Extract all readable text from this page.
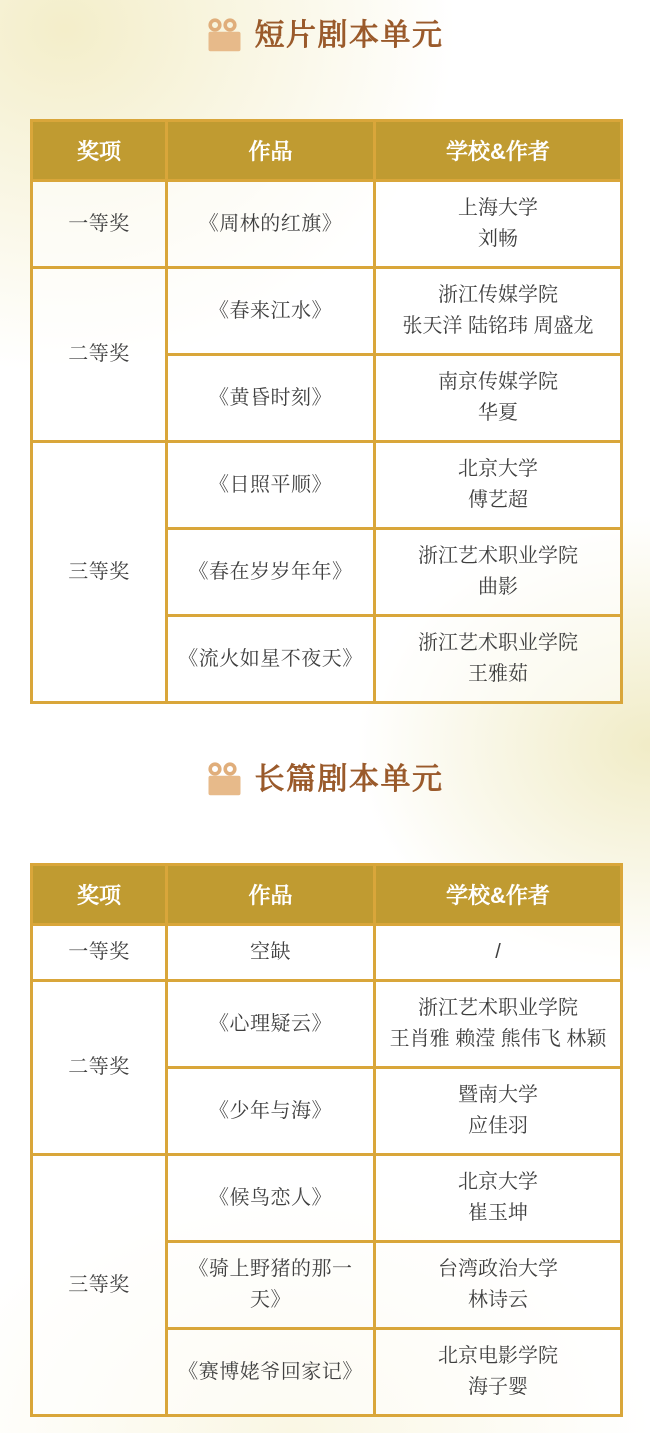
短片剧本单元
奖项	作品	学校&作者
一等奖	《周林的红旗》	上海大学
刘畅

二等奖	《春来江水》	浙江传媒学院
张天洋 陆铭玮 周盛龙

	《黄昏时刻》	南京传媒学院
华夏

三等奖	《日照平顺》	北京大学
傅艺超

	《春在岁岁年年》	浙江艺术职业学院
曲影

	《流火如星不夜天》	浙江艺术职业学院
王雅茹
长篇剧本单元
奖项	作品	学校&作者
一等奖	空缺	/

二等奖	《心理疑云》	浙江艺术职业学院
王肖雅 赖滢 熊伟飞 林颖

	《少年与海》	暨南大学
应佳羽

三等奖	《候鸟恋人》	北京大学
崔玉坤

	《骑上野猪的那一天》	台湾政治大学
林诗云

	《赛博姥爷回家记》	北京电影学院
海子婴
